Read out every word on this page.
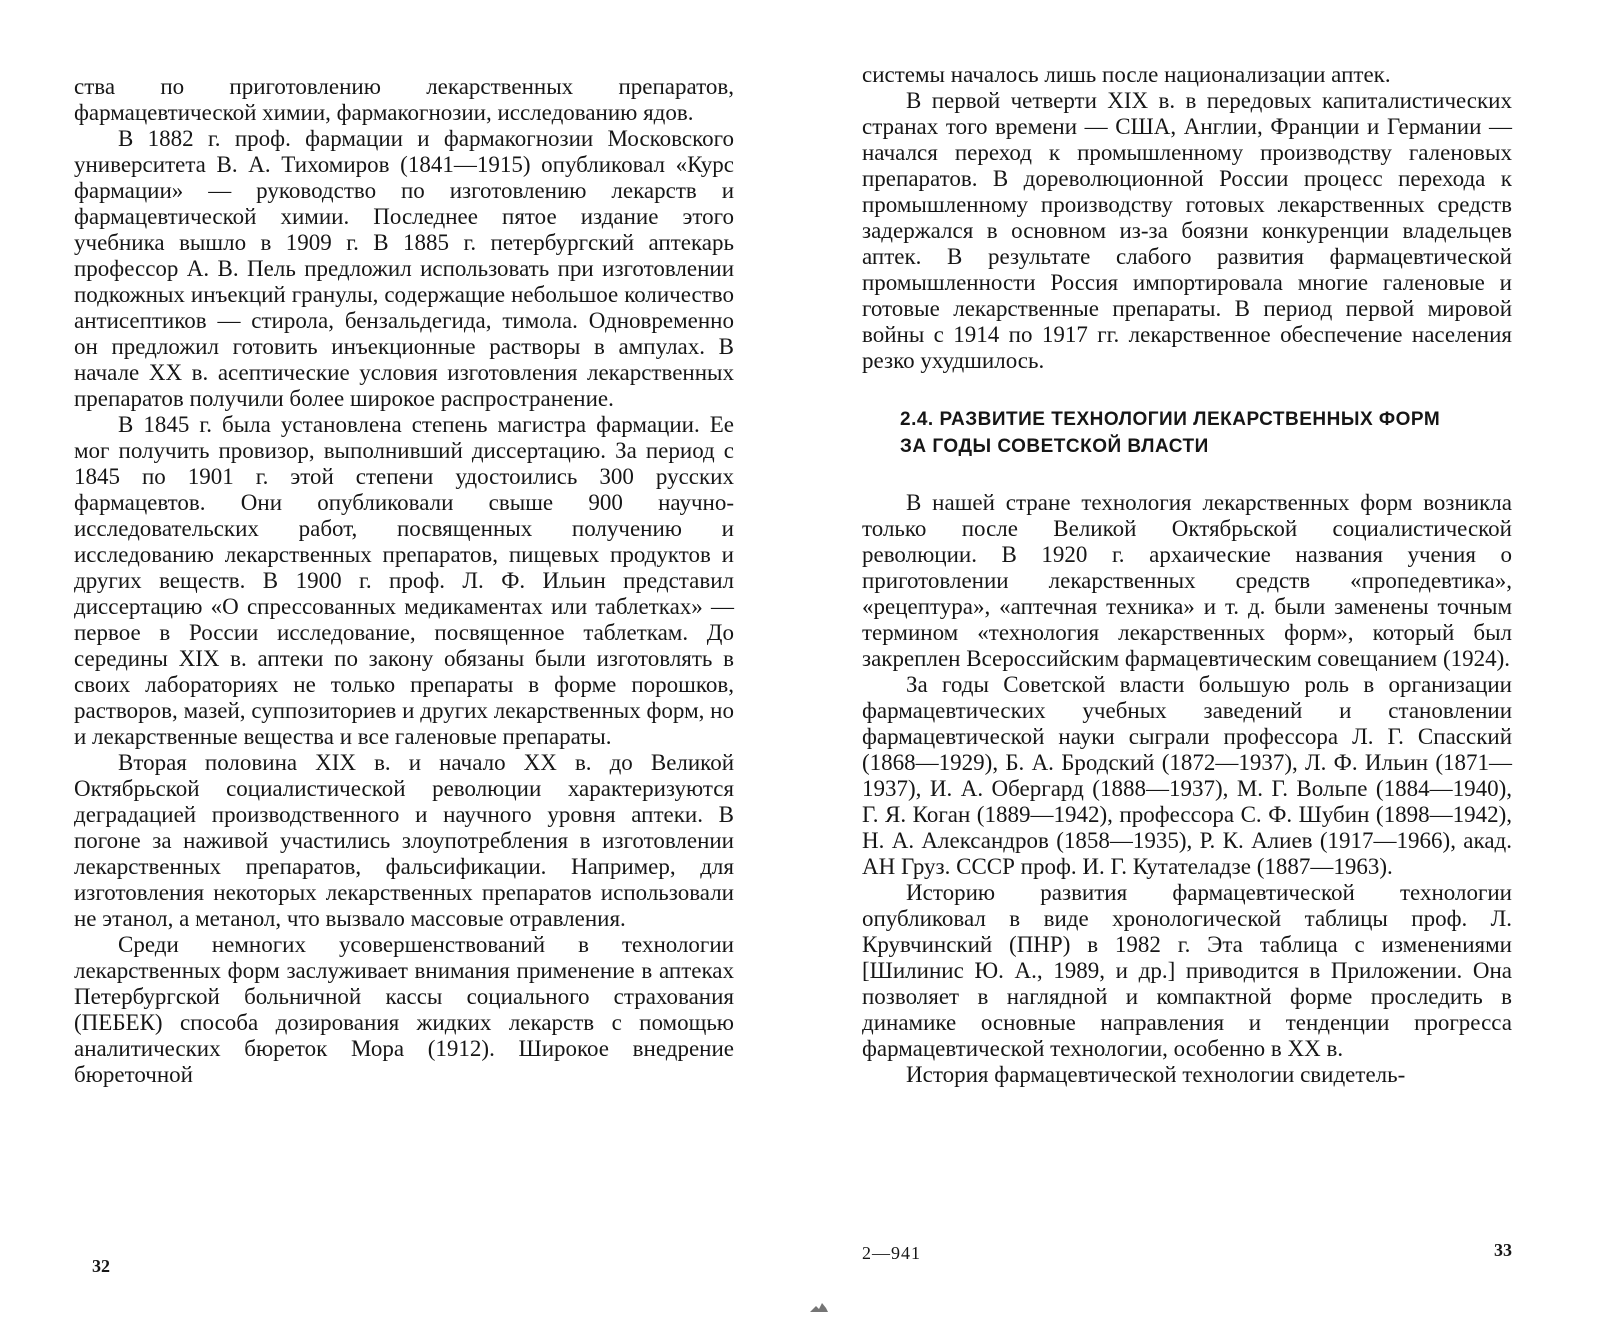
ства по приготовлению лекарственных препаратов, фармацевтической химии, фармакогнозии, исследованию ядов.

В 1882 г. проф. фармации и фармакогнозии Московского университета В. А. Тихомиров (1841—1915) опубликовал «Курс фармации» — руководство по изготовлению лекарств и фармацевтической химии. Последнее пятое издание этого учебника вышло в 1909 г. В 1885 г. петербургский аптекарь профессор А. В. Пель предложил использовать при изготовлении подкожных инъекций гранулы, содержащие небольшое количество антисептиков — стирола, бензальдегида, тимола. Одновременно он предложил готовить инъекционные растворы в ампулах. В начале XX в. асептические условия изготовления лекарственных препаратов получили более широкое распространение.

В 1845 г. была установлена степень магистра фармации. Ее мог получить провизор, выполнивший диссертацию. За период с 1845 по 1901 г. этой степени удостоились 300 русских фармацевтов. Они опубликовали свыше 900 научно-исследовательских работ, посвященных получению и исследованию лекарственных препаратов, пищевых продуктов и других веществ. В 1900 г. проф. Л. Ф. Ильин представил диссертацию «О спрессованных медикаментах или таблетках» — первое в России исследование, посвященное таблеткам. До середины XIX в. аптеки по закону обязаны были изготовлять в своих лабораториях не только препараты в форме порошков, растворов, мазей, суппозиториев и других лекарственных форм, но и лекарственные вещества и все галеновые препараты.

Вторая половина XIX в. и начало XX в. до Великой Октябрьской социалистической революции характеризуются деградацией производственного и научного уровня аптеки. В погоне за наживой участились злоупотребления в изготовлении лекарственных препаратов, фальсификации. Например, для изготовления некоторых лекарственных препаратов использовали не этанол, а метанол, что вызвало массовые отравления.

Среди немногих усовершенствований в технологии лекарственных форм заслуживает внимания применение в аптеках Петербургской больничной кассы социального страхования (ПЕБЕК) способа дозирования жидких лекарств с помощью аналитических бюреток Мора (1912). Широкое внедрение бюреточной

32

системы началось лишь после национализации аптек.

В первой четверти XIX в. в передовых капиталистических странах того времени — США, Англии, Франции и Германии — начался переход к промышленному производству галеновых препаратов. В дореволюционной России процесс перехода к промышленному производству готовых лекарственных средств задержался в основном из-за боязни конкуренции владельцев аптек. В результате слабого развития фармацевтической промышленности Россия импортировала многие галеновые и готовые лекарственные препараты. В период первой мировой войны с 1914 по 1917 гг. лекарственное обеспечение населения резко ухудшилось.

2.4. РАЗВИТИЕ ТЕХНОЛОГИИ ЛЕКАРСТВЕННЫХ ФОРМ
ЗА ГОДЫ СОВЕТСКОЙ ВЛАСТИ

В нашей стране технология лекарственных форм возникла только после Великой Октябрьской социалистической революции. В 1920 г. архаические названия учения о приготовлении лекарственных средств «пропедевтика», «рецептура», «аптечная техника» и т. д. были заменены точным термином «технология лекарственных форм», который был закреплен Всероссийским фармацевтическим совещанием (1924).

За годы Советской власти большую роль в организации фармацевтических учебных заведений и становлении фармацевтической науки сыграли профессора Л. Г. Спасский (1868—1929), Б. А. Бродский (1872—1937), Л. Ф. Ильин (1871—1937), И. А. Обергард (1888—1937), М. Г. Вольпе (1884—1940), Г. Я. Коган (1889—1942), профессора С. Ф. Шубин (1898—1942), Н. А. Александров (1858—1935), Р. К. Алиев (1917—1966), акад. АН Груз. СССР проф. И. Г. Кутателадзе (1887—1963).

Историю развития фармацевтической технологии опубликовал в виде хронологической таблицы проф. Л. Крувчинский (ПНР) в 1982 г. Эта таблица с изменениями [Шилинис Ю. А., 1989, и др.] приводится в Приложении. Она позволяет в наглядной и компактной форме проследить в динамике основные направления и тенденции прогресса фармацевтической технологии, особенно в XX в.

История фармацевтической технологии свидетель-

2—941	33
